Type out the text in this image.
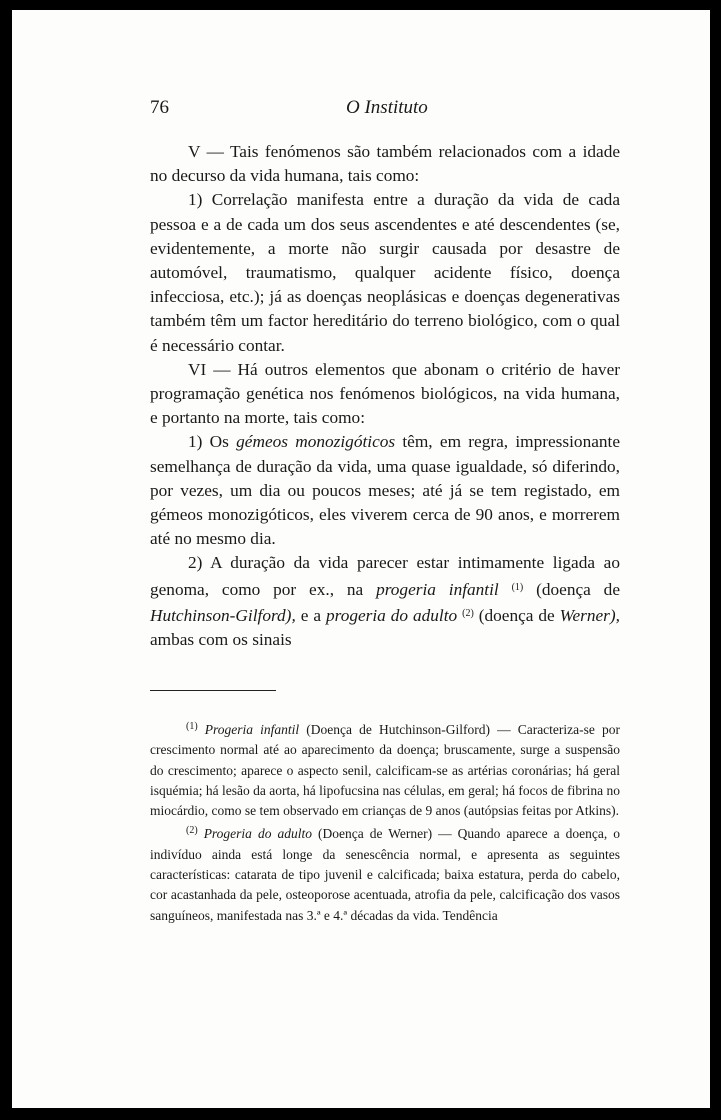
76	O Instituto

V — Tais fenómenos são também relacionados com a idade no decurso da vida humana, tais como:

1) Correlação manifesta entre a duração da vida de cada pessoa e a de cada um dos seus ascendentes e até descendentes (se, evidentemente, a morte não surgir causada por desastre de automóvel, traumatismo, qualquer acidente físico, doença infecciosa, etc.); já as doenças neoplásicas e doenças degenerativas também têm um factor hereditário do terreno biológico, com o qual é necessário contar.

VI — Há outros elementos que abonam o critério de haver programação genética nos fenómenos biológicos, na vida humana, e portanto na morte, tais como:

1) Os gémeos monozigóticos têm, em regra, impressionante semelhança de duração da vida, uma quase igualdade, só diferindo, por vezes, um dia ou poucos meses; até já se tem registado, em gémeos monozigóticos, eles viverem cerca de 90 anos, e morrerem até no mesmo dia.

2) A duração da vida parecer estar intimamente ligada ao genoma, como por ex., na progeria infantil $^{(1)}$ (doença de Hutchinson-Gilford), e a progeria do adulto $^{(2)}$ (doença de Werner), ambas com os sinais

$^{(1)}$ Progeria infantil (Doença de Hutchinson-Gilford) — Caracteriza-se por crescimento normal até ao aparecimento da doença; bruscamente, surge a suspensão do crescimento; aparece o aspecto senil, calcificam-se as artérias coronárias; há geral isquémia; há lesão da aorta, há lipofucsina nas células, em geral; há focos de fibrina no miocárdio, como se tem observado em crianças de 9 anos (autópsias feitas por Atkins).

$^{(2)}$ Progeria do adulto (Doença de Werner) — Quando aparece a doença, o indivíduo ainda está longe da senescência normal, e apresenta as seguintes características: catarata de tipo juvenil e calcificada; baixa estatura, perda do cabelo, cor acastanhada da pele, osteoporose acentuada, atrofia da pele, calcificação dos vasos sanguíneos, manifestada nas 3.ª e 4.ª décadas da vida. Tendência
